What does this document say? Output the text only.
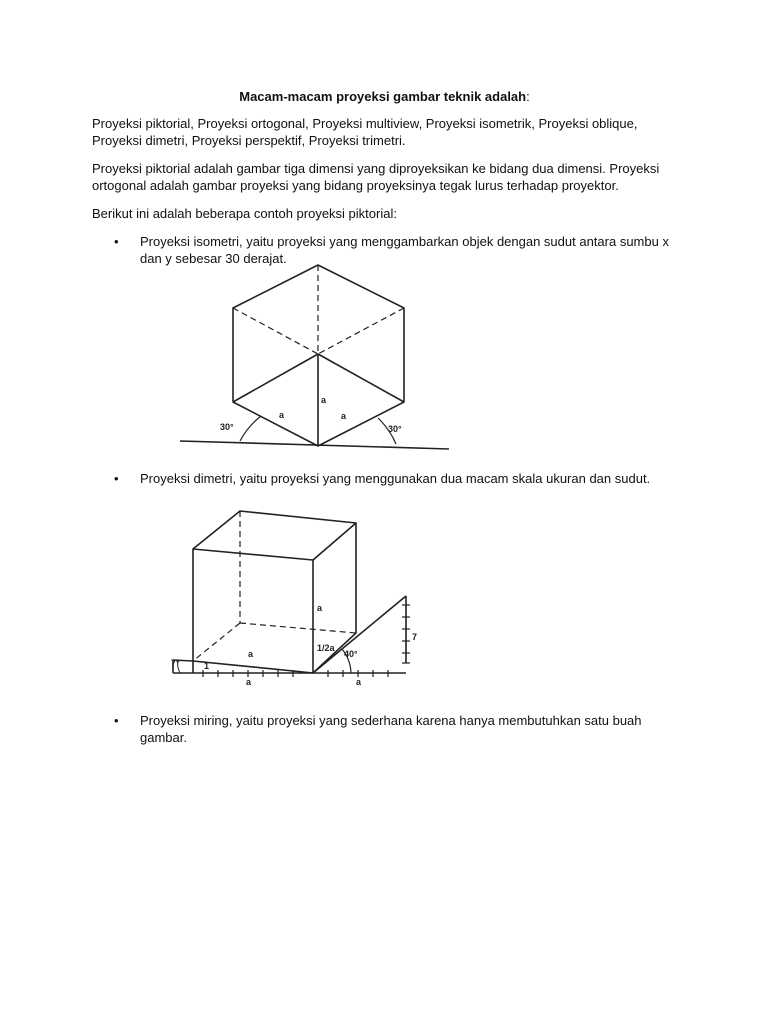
Macam-macam proyeksi gambar teknik adalah:
Proyeksi piktorial, Proyeksi ortogonal, Proyeksi multiview, Proyeksi isometrik, Proyeksi oblique, Proyeksi dimetri, Proyeksi perspektif, Proyeksi trimetri.
Proyeksi piktorial adalah gambar tiga dimensi yang diproyeksikan ke bidang dua dimensi. Proyeksi ortogonal adalah gambar proyeksi yang bidang proyeksinya tegak lurus terhadap proyektor.
Berikut ini adalah beberapa contoh proyeksi piktorial:
• Proyeksi isometri, yaitu proyeksi yang menggambarkan objek dengan sudut antara sumbu x dan y sebesar 30 derajat.
30°	30°
a
a
a
• Proyeksi dimetri, yaitu proyeksi yang menggunakan dua macam skala ukuran dan sudut.
a
a
a
1/2a
7°
40°
1
7
a
• Proyeksi miring, yaitu proyeksi yang sederhana karena hanya membutuhkan satu buah gambar.
